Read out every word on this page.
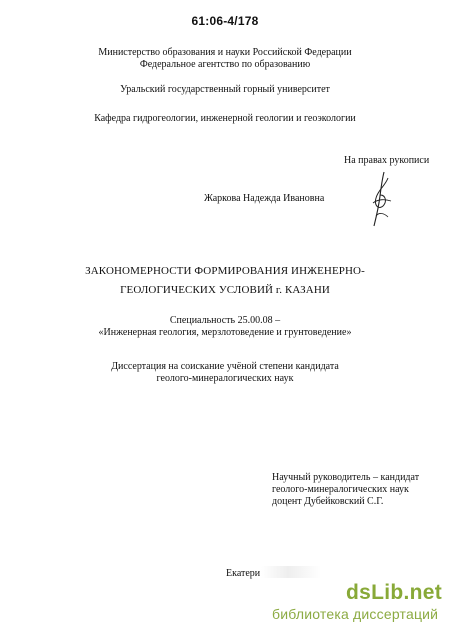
61:06-4/178
Министерство образования и науки Российской Федерации
Федеральное агентство по образованию
Уральский государственный горный университет
Кафедра гидрогеологии, инженерной геологии и геоэкологии
На правах рукописи
Жаркова Надежда Ивановна
ЗАКОНОМЕРНОСТИ ФОРМИРОВАНИЯ ИНЖЕНЕРНО-
ГЕОЛОГИЧЕСКИХ УСЛОВИЙ г. КАЗАНИ
Специальность 25.00.08 –
«Инженерная геология, мерзлотоведение и грунтоведение»
Диссертация на соискание учёной степени кандидата
геолого-минералогических наук
Научный руководитель – кандидат
геолого-минералогических наук
доцент Дубейковский С.Г.
Екатери
dsLib.net
библиотека диссертаций
